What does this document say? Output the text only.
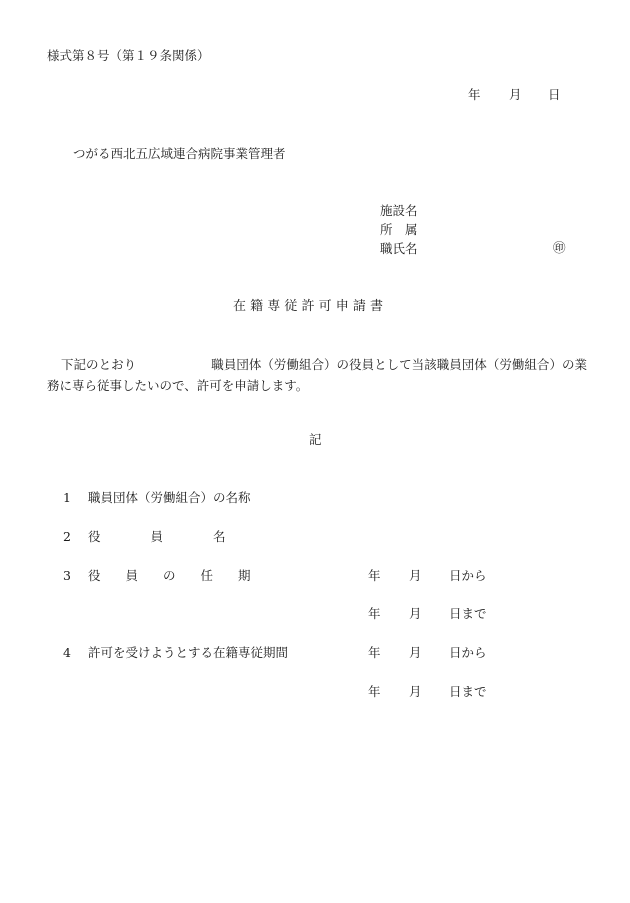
様式第８号（第１９条関係）
年 月 日
つがる西北五広域連合病院事業管理者
施設名
所　属
職氏名	㊞
在 籍 専 従 許 可 申 請 書
下記のとおり　　　　　　職員団体（労働組合）の役員として当該職員団体（労働組合）の業務に専ら従事したいので、許可を申請します。
記
1 職員団体（労働組合）の名称
2 役　　　　員　　　　名
3 役　　員　　の　　任　　期	年 月 日から
年 月 日まで
4 許可を受けようとする在籍専従期間	年 月 日から
年 月 日まで
